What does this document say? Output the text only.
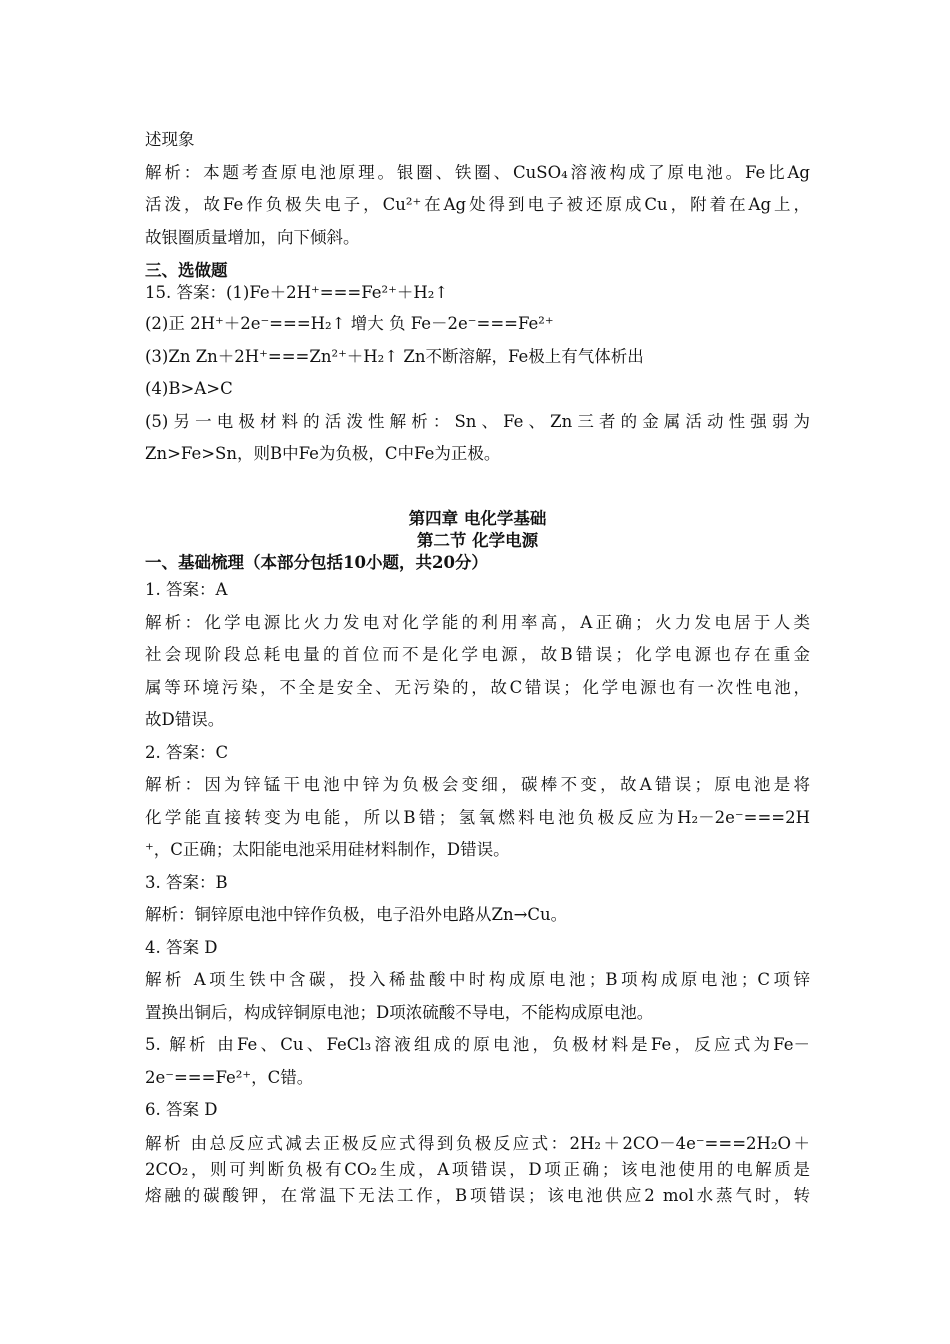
述现象
解析：本题考查原电池原理。银圈、铁圈、CuSO₄溶液构成了原电池。Fe比Ag
活泼，故Fe作负极失电子，Cu²⁺在Ag处得到电子被还原成Cu，附着在Ag上，
故银圈质量增加，向下倾斜。
三、选做题
15. 答案：(1)Fe＋2H⁺===Fe²⁺＋H₂↑
(2)正 2H⁺＋2e⁻===H₂↑ 增大 负 Fe－2e⁻===Fe²⁺
(3)Zn Zn＋2H⁺===Zn²⁺＋H₂↑ Zn不断溶解，Fe极上有气体析出
(4)B>A>C
(5)另一电极材料的活泼性解析：Sn、Fe、Zn三者的金属活动性强弱为
Zn>Fe>Sn，则B中Fe为负极，C中Fe为正极。
第四章 电化学基础
第二节 化学电源
一、基础梳理（本部分包括10小题，共20分）
1. 答案：A
解析：化学电源比火力发电对化学能的利用率高，A正确；火力发电居于人类
社会现阶段总耗电量的首位而不是化学电源，故B错误；化学电源也存在重金
属等环境污染，不全是安全、无污染的，故C错误；化学电源也有一次性电池，
故D错误。
2. 答案：C
解析：因为锌锰干电池中锌为负极会变细，碳棒不变，故A错误；原电池是将
化学能直接转变为电能，所以B错；氢氧燃料电池负极反应为H₂－2e⁻===2H
⁺，C正确；太阳能电池采用硅材料制作，D错误。
3. 答案：B
解析：铜锌原电池中锌作负极，电子沿外电路从Zn→Cu。
4. 答案 D
解析 A项生铁中含碳，投入稀盐酸中时构成原电池；B项构成原电池；C项锌
置换出铜后，构成锌铜原电池；D项浓硫酸不导电，不能构成原电池。
5. 解析 由Fe、Cu、FeCl₃溶液组成的原电池，负极材料是Fe，反应式为Fe－
2e⁻===Fe²⁺，C错。
6. 答案 D
解析 由总反应式减去正极反应式得到负极反应式：2H₂＋2CO－4e⁻===2H₂O＋
2CO₂，则可判断负极有CO₂生成，A项错误，D项正确；该电池使用的电解质是
熔融的碳酸钾，在常温下无法工作，B项错误；该电池供应2 mol水蒸气时，转
